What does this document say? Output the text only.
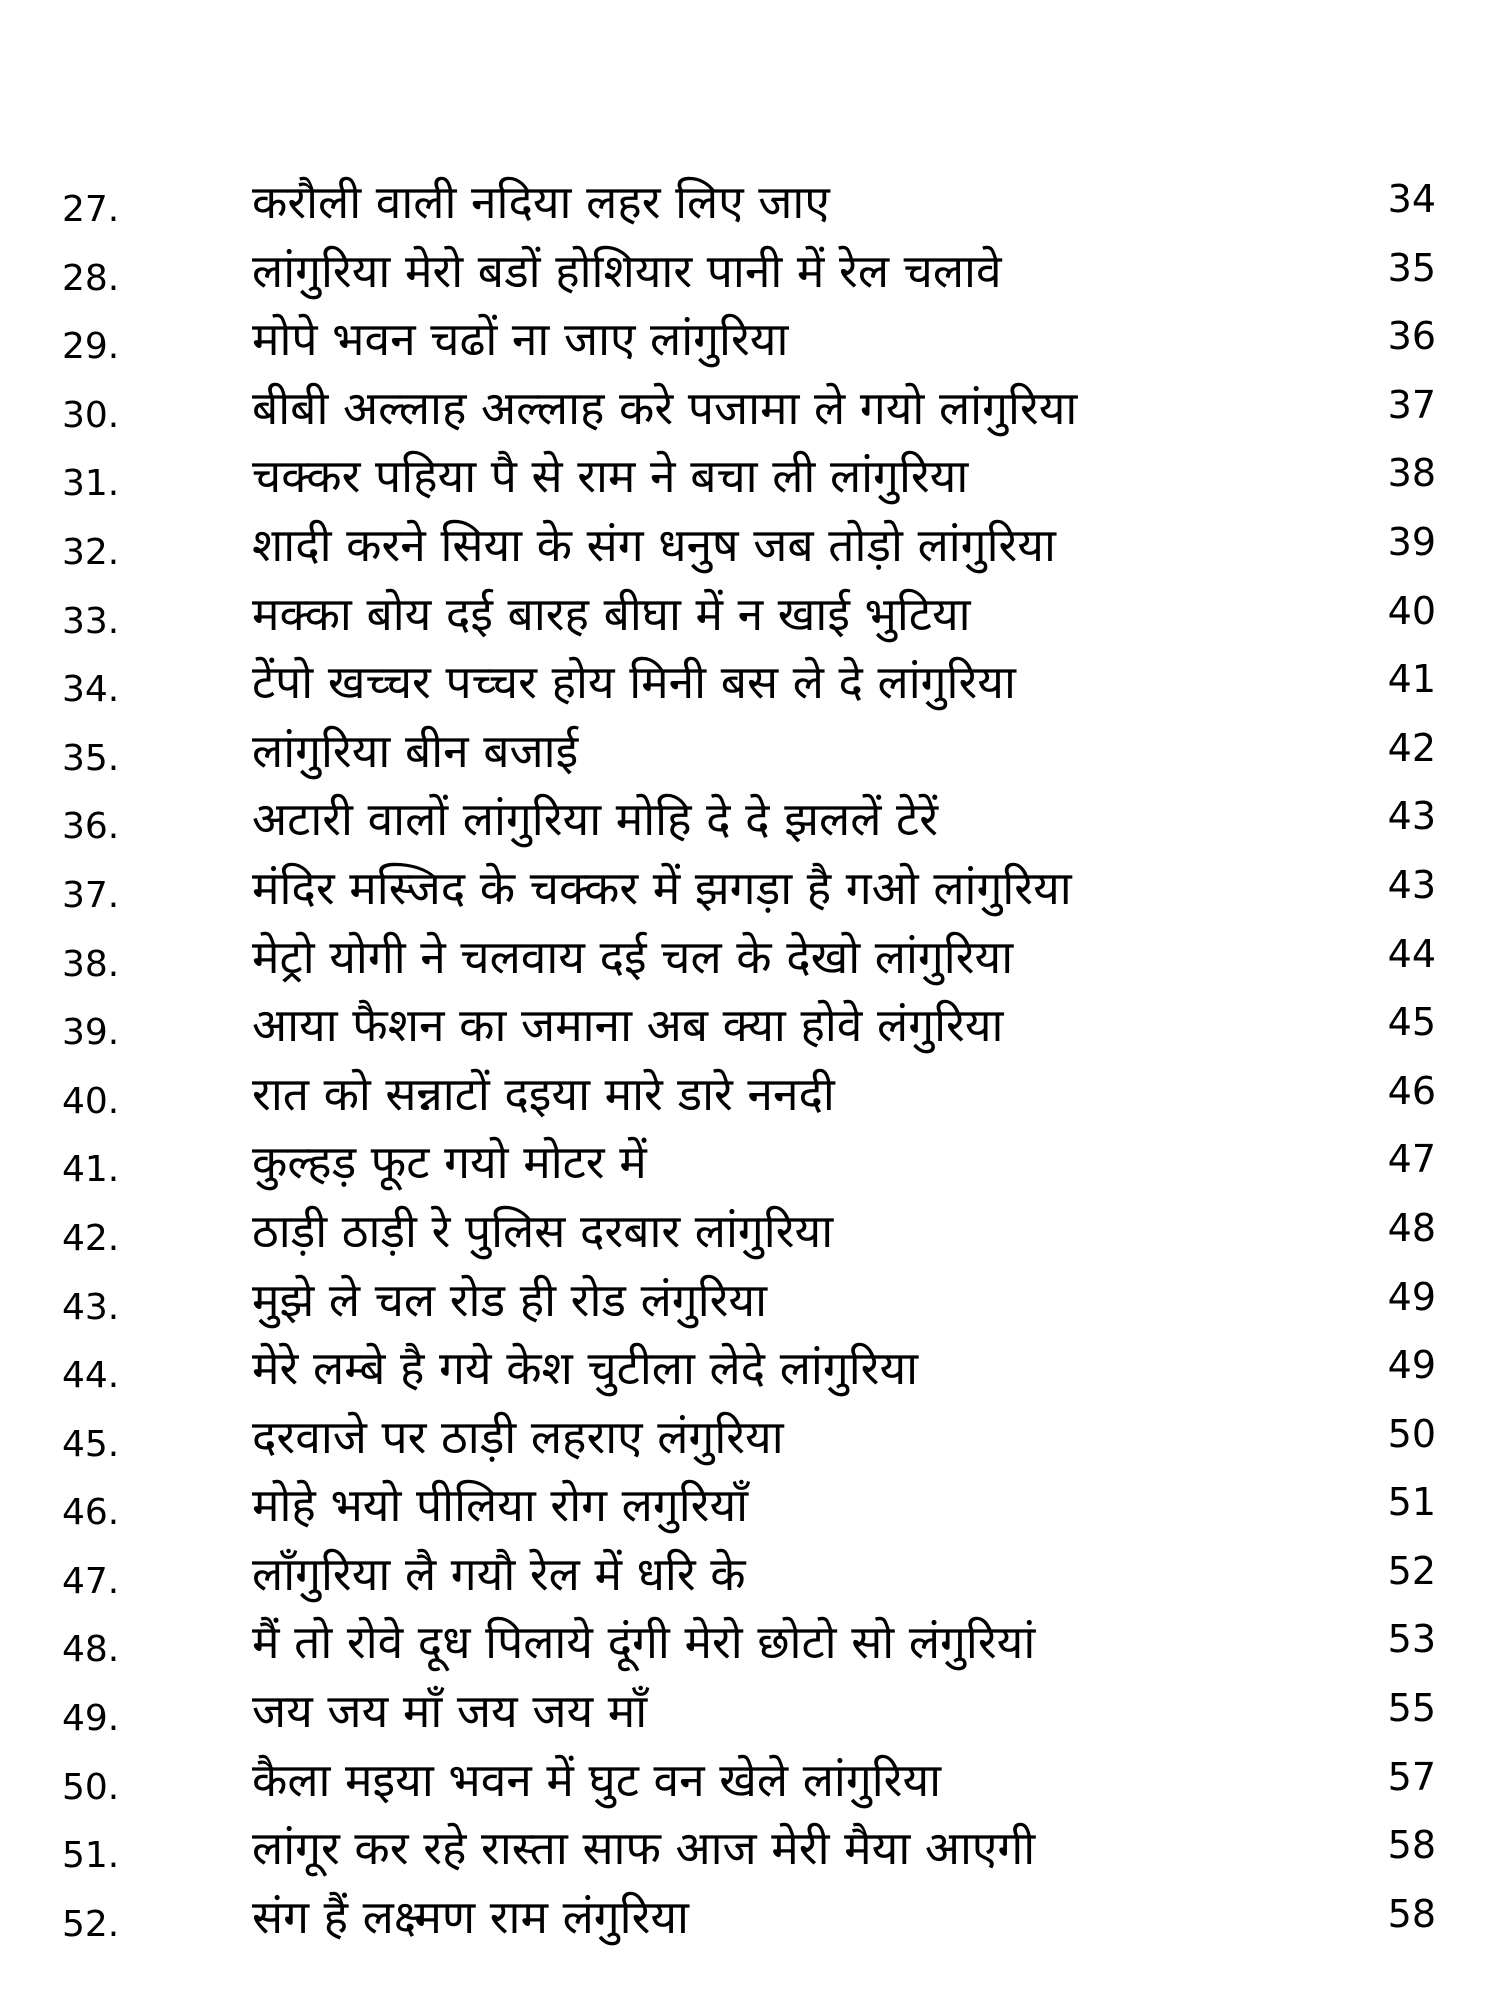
27.	करौली वाली नदिया लहर लिए जाए	34
28.	लांगुरिया मेरो बडों होशियार पानी में रेल चलावे	35
29.	मोपे भवन चढों ना जाए लांगुरिया	36
30.	बीबी अल्लाह अल्लाह करे पजामा ले गयो लांगुरिया	37
31.	चक्कर पहिया पै से राम ने बचा ली लांगुरिया	38
32.	शादी करने सिया के संग धनुष जब तोड़ो लांगुरिया	39
33.	मक्का बोय दई बारह बीघा में न खाई भुटिया	40
34.	टेंपो खच्चर पच्चर होय मिनी बस ले दे लांगुरिया	41
35.	लांगुरिया बीन बजाई	42
36.	अटारी वालों लांगुरिया मोहि दे दे झललें टेरें	43
37.	मंदिर मस्जिद के चक्कर में झगड़ा है गओ लांगुरिया	43
38.	मेट्रो योगी ने चलवाय दई चल के देखो लांगुरिया	44
39.	आया फैशन का जमाना अब क्या होवे लंगुरिया	45
40.	रात को सन्नाटों दइया मारे डारे ननदी	46
41.	कुल्हड़ फूट गयो मोटर में	47
42.	ठाड़ी ठाड़ी रे पुलिस दरबार लांगुरिया	48
43.	मुझे ले चल रोड ही रोड लंगुरिया	49
44.	मेरे लम्बे है गये केश चुटीला लेदे लांगुरिया	49
45.	दरवाजे पर ठाड़ी लहराए लंगुरिया	50
46.	मोहे भयो पीलिया रोग लगुरियाँ	51
47.	लाँगुरिया लै गयौ रेल में धरि के	52
48.	मैं तो रोवे दूध पिलाये दूंगी मेरो छोटो सो लंगुरियां	53
49.	जय जय माँ जय जय माँ	55
50.	कैला मइया भवन में घुट वन खेले लांगुरिया	57
51.	लांगूर कर रहे रास्ता साफ आज मेरी मैया आएगी	58
52.	संग हैं लक्ष्मण राम लंगुरिया	58
